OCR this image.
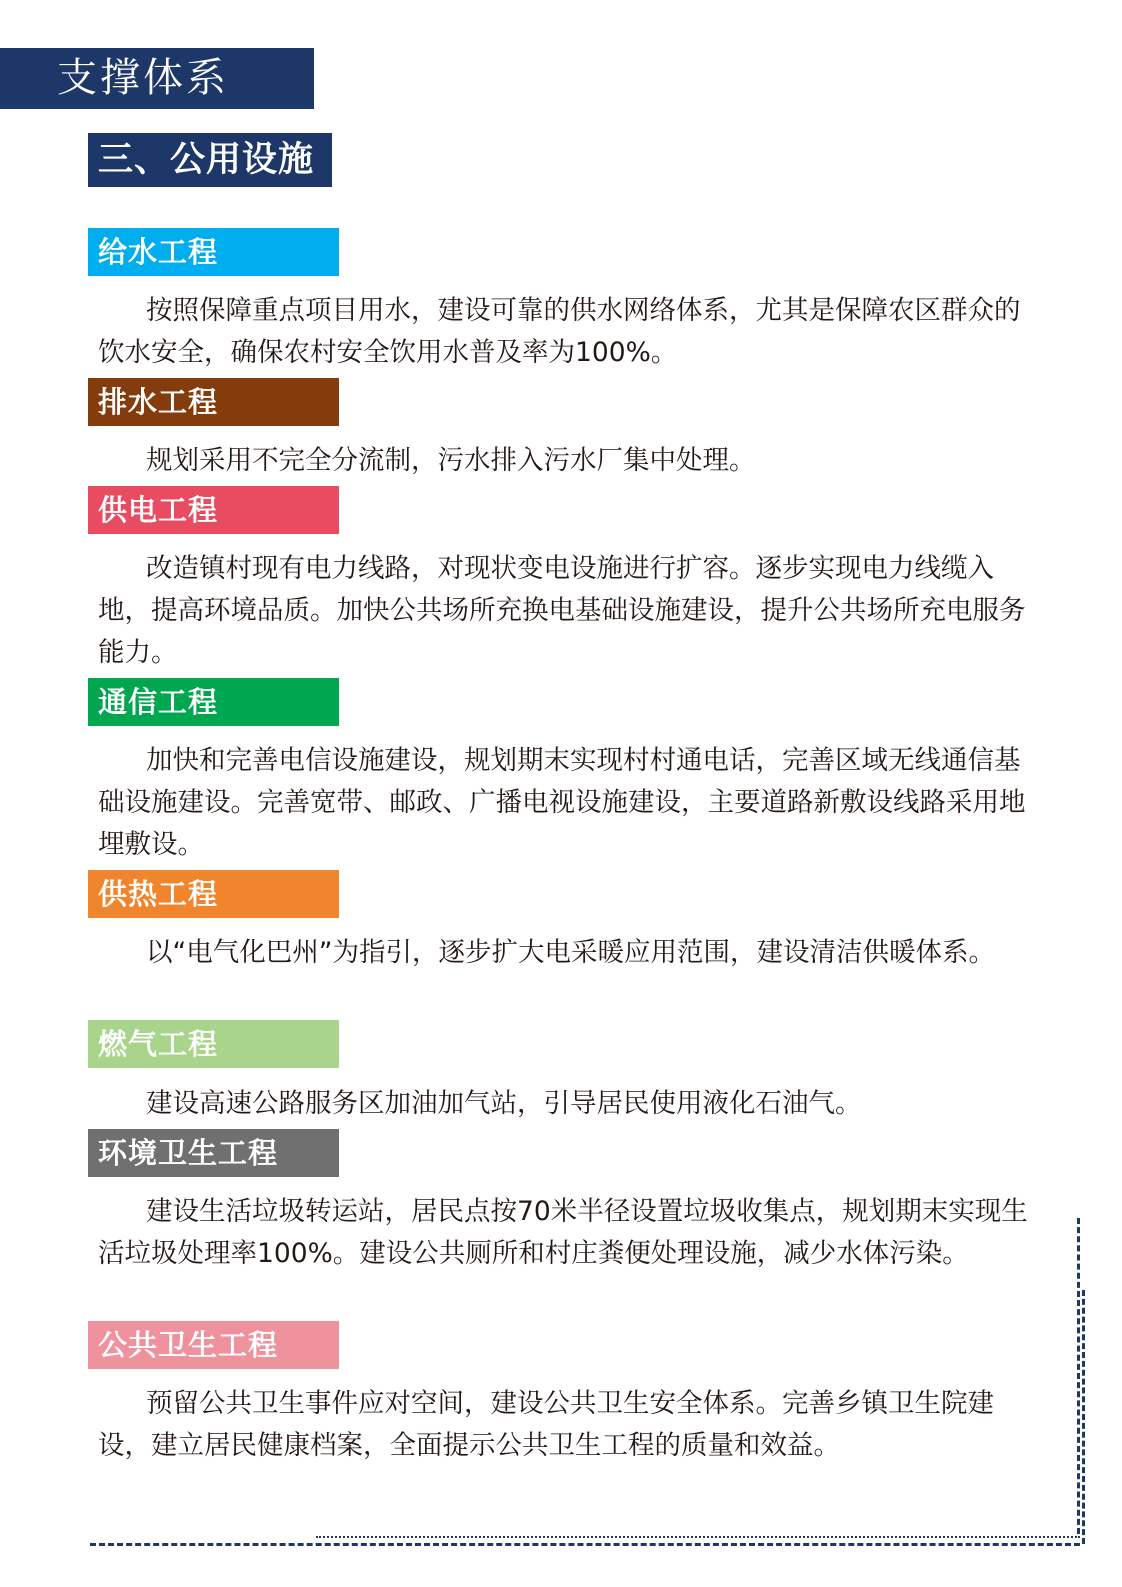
支撑体系
三、公用设施
给水工程

按照保障重点项目用水，建设可靠的供水网络体系，尤其是保障农区群众的饮水安全，确保农村安全饮用水普及率为100%。

排水工程

规划采用不完全分流制，污水排入污水厂集中处理。

供电工程

改造镇村现有电力线路，对现状变电设施进行扩容。逐步实现电力线缆入地，提高环境品质。加快公共场所充换电基础设施建设，提升公共场所充电服务能力。

通信工程

加快和完善电信设施建设，规划期末实现村村通电话，完善区域无线通信基础设施建设。完善宽带、邮政、广播电视设施建设，主要道路新敷设线路采用地埋敷设。

供热工程

以“电气化巴州”为指引，逐步扩大电采暖应用范围，建设清洁供暖体系。

燃气工程

建设高速公路服务区加油加气站，引导居民使用液化石油气。

环境卫生工程

建设生活垃圾转运站，居民点按70米半径设置垃圾收集点，规划期末实现生活垃圾处理率100%。建设公共厕所和村庄粪便处理设施，减少水体污染。

公共卫生工程

预留公共卫生事件应对空间，建设公共卫生安全体系。完善乡镇卫生院建设，建立居民健康档案，全面提示公共卫生工程的质量和效益。
